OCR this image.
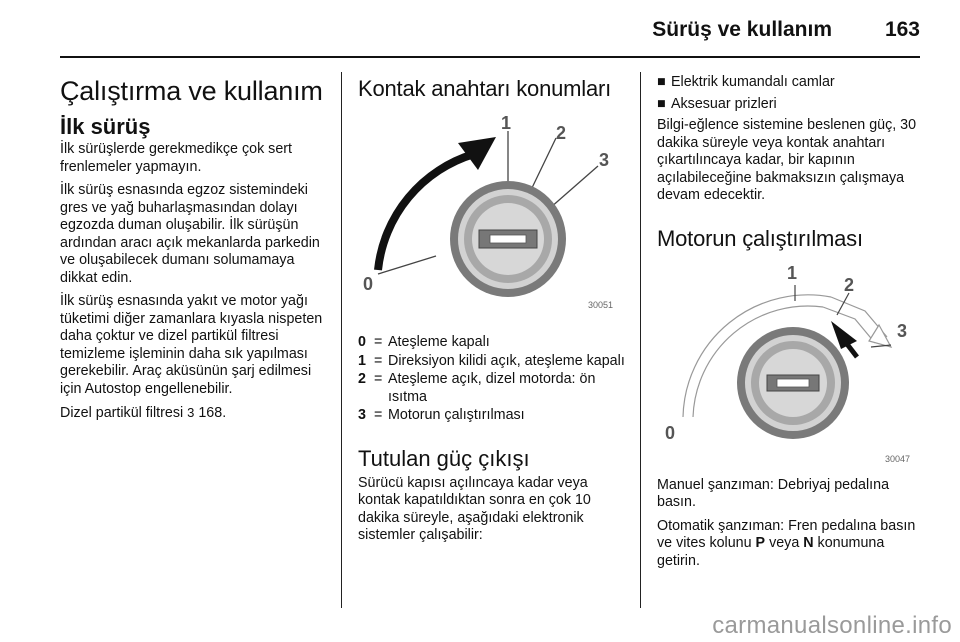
Sürüş ve kullanım	163
Çalıştırma ve kullanım
İlk sürüş

İlk sürüşlerde gerekmedikçe çok sert frenlemeler yapmayın.

İlk sürüş esnasında egzoz sistemindeki gres ve yağ buharlaşmasından dolayı egzozda duman oluşabilir. İlk sürüşün ardından aracı açık mekanlarda parkedin ve oluşabilecek dumanı solumamaya dikkat edin.

İlk sürüş esnasında yakıt ve motor yağı tüketimi diğer zamanlara kıyasla nispeten daha çoktur ve dizel partikül filtresi temizleme işleminin daha sık yapılması gerekebilir. Araç aküsünün şarj edilmesi için Autostop engellenebilir.

Dizel partikül filtresi 3 168.

Kontak anahtarı konumları
1 2
3
0
30051
0 = Ateşleme kapalı
1 = Direksiyon kilidi açık, ateşleme kapalı
2 = Ateşleme açık, dizel motorda: ön ısıtma
3 = Motorun çalıştırılması
Tutulan güç çıkışı

Sürücü kapısı açılıncaya kadar veya kontak kapatıldıktan sonra en çok 10 dakika süreyle, aşağıdaki elektronik sistemler çalışabilir:

■ Elektrik kumandalı camlar
■ Aksesuar prizleri

Bilgi-eğlence sistemine beslenen güç, 30 dakika süreyle veya kontak anahtarı çıkartılıncaya kadar, bir kapının açılabileceğine bakmaksızın çalışmaya devam edecektir.

Motorun çalıştırılması
1
2
3
0
30047

Manuel şanzıman: Debriyaj pedalına basın.

Otomatik şanzıman: Fren pedalına basın ve vites kolunu P veya N konumuna getirin.

carmanualsonline.info
